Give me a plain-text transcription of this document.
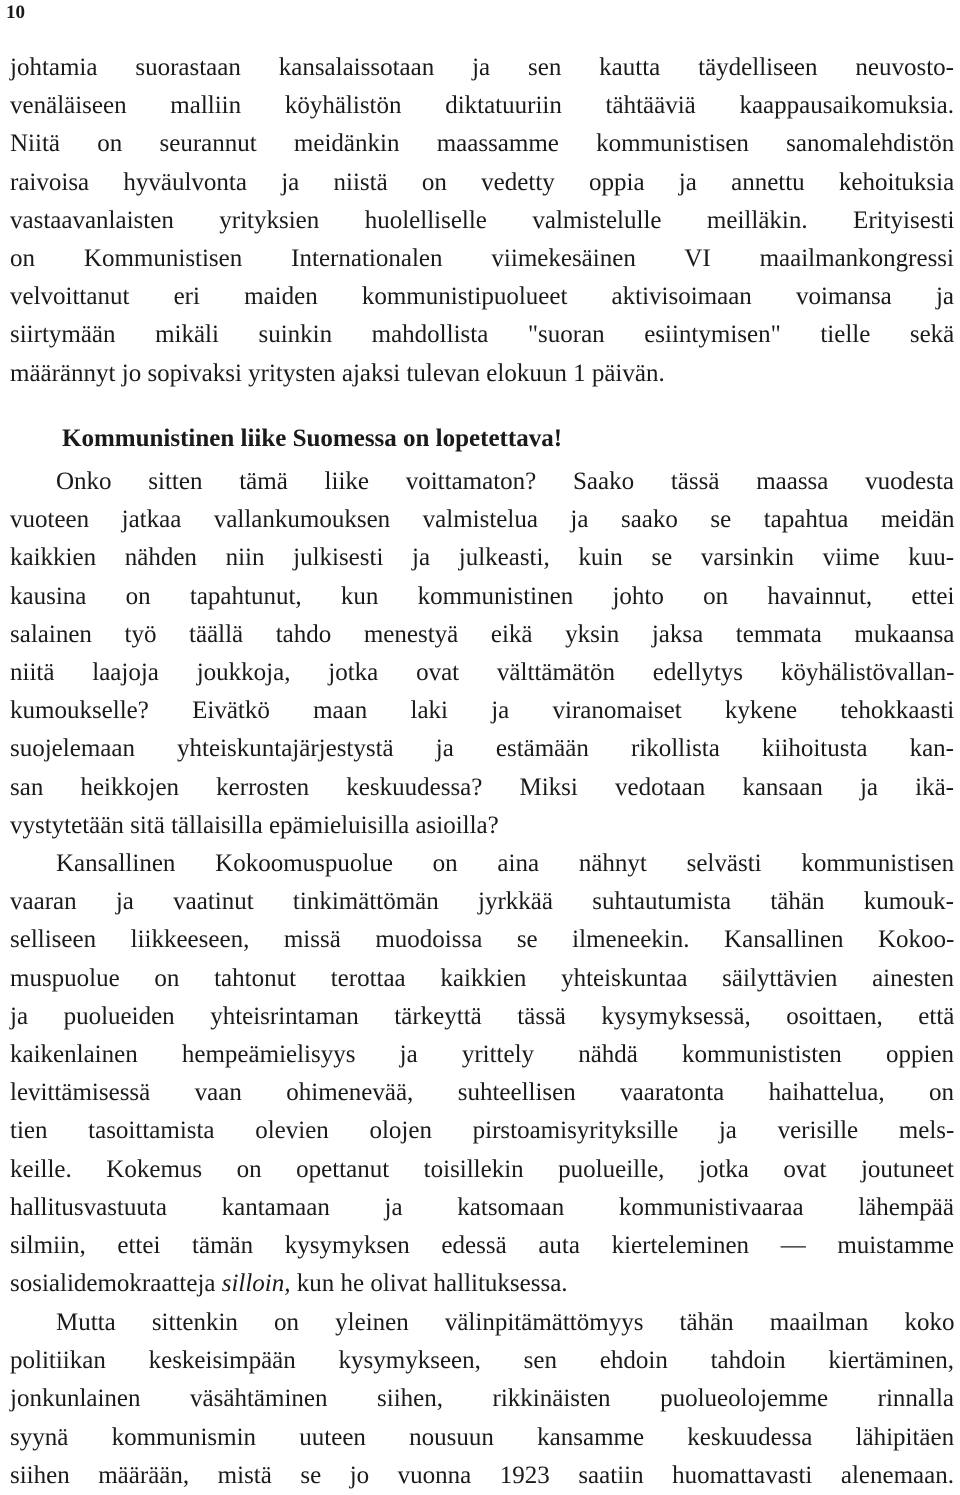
10
johtamia suorastaan kansalaissotaan ja sen kautta täydelliseen neuvosto-
venäläiseen malliin köyhälistön diktatuuriin tähtääviä kaappausaikomuksia.
Niitä on seurannut meidänkin maassamme kommunistisen sanomalehdistön
raivoisa hyväulvonta ja niistä on vedetty oppia ja annettu kehoituksia
vastaavanlaisten yrityksien huolelliselle valmistelulle meilläkin. Erityisesti
on Kommunistisen Internationalen viimekesäinen VI maailmankongressi
velvoittanut eri maiden kommunistipuolueet aktivisoimaan voimansa ja
siirtymään mikäli suinkin mahdollista "suoran esiintymisen" tielle sekä
määrännyt jo sopivaksi yritysten ajaksi tulevan elokuun 1 päivän.
Kommunistinen liike Suomessa on lopetettava!
Onko sitten tämä liike voittamaton? Saako tässä maassa vuodesta
vuoteen jatkaa vallankumouksen valmistelua ja saako se tapahtua meidän
kaikkien nähden niin julkisesti ja julkeasti, kuin se varsinkin viime kuu-
kausina on tapahtunut, kun kommunistinen johto on havainnut, ettei
salainen työ täällä tahdo menestyä eikä yksin jaksa temmata mukaansa
niitä laajoja joukkoja, jotka ovat välttämätön edellytys köyhälistövallan-
kumoukselle? Eivätkö maan laki ja viranomaiset kykene tehokkaasti
suojelemaan yhteiskuntajärjestystä ja estämään rikollista kiihoitusta kan-
san heikkojen kerrosten keskuudessa? Miksi vedotaan kansaan ja ikä-
vystytetään sitä tällaisilla epämieluisilla asioilla?
Kansallinen Kokoomuspuolue on aina nähnyt selvästi kommunistisen
vaaran ja vaatinut tinkimättömän jyrkkää suhtautumista tähän kumouk-
selliseen liikkeeseen, missä muodoissa se ilmeneekin. Kansallinen Kokoo-
muspuolue on tahtonut terottaa kaikkien yhteiskuntaa säilyttävien ainesten
ja puolueiden yhteisrintaman tärkeyttä tässä kysymyksessä, osoittaen, että
kaikenlainen hempeämielisyys ja yrittely nähdä kommunististen oppien
levittämisessä vaan ohimenevää, suhteellisen vaaratonta haihattelua, on
tien tasoittamista olevien olojen pirstoamisyrityksille ja verisille mels-
keille. Kokemus on opettanut toisillekin puolueille, jotka ovat joutuneet
hallitusvastuuta kantamaan ja katsomaan kommunistivaaraa lähempää
silmiin, ettei tämän kysymyksen edessä auta kierteleminen — muistamme
sosialidemokraatteja silloin, kun he olivat hallituksessa.
Mutta sittenkin on yleinen välinpitämättömyys tähän maailman koko
politiikan keskeisimpään kysymykseen, sen ehdoin tahdoin kiertäminen,
jonkunlainen väsähtäminen siihen, rikkinäisten puolueolojemme rinnalla
syynä kommunismin uuteen nousuun kansamme keskuudessa lähipitäen
siihen määrään, mistä se jo vuonna 1923 saatiin huomattavasti alenemaan.
